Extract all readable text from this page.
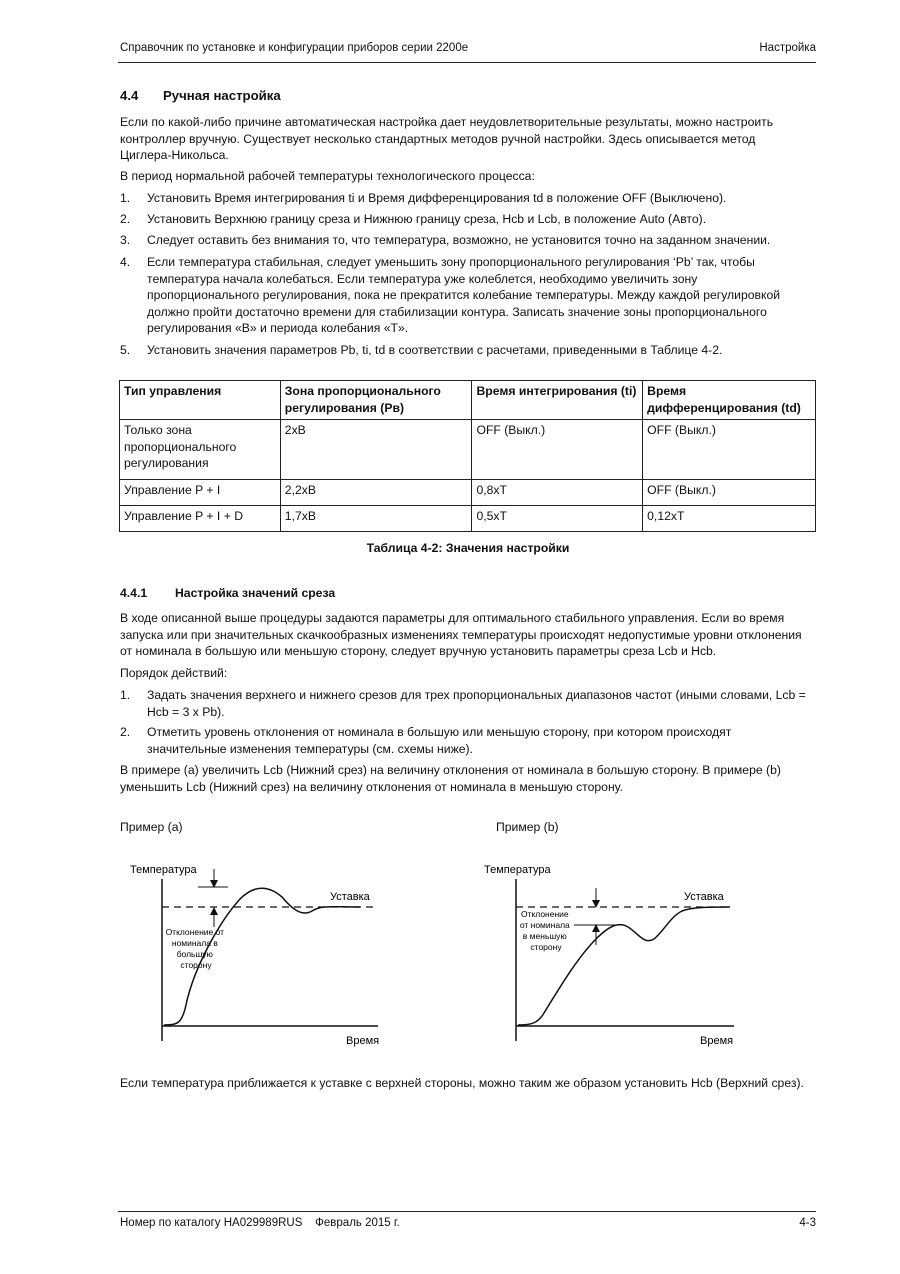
Справочник по установке и конфигурации приборов серии 2200e	Настройка
4.4 Ручная настройка
Если по какой-либо причине автоматическая настройка дает неудовлетворительные результаты, можно настроить контроллер вручную. Существует несколько стандартных методов ручной настройки. Здесь описывается метод Циглера-Никольса.
В период нормальной рабочей температуры технологического процесса:
1. Установить Время интегрирования ti и Время дифференцирования td в положение OFF (Выключено).
2. Установить Верхнюю границу среза и Нижнюю границу среза, Hcb и Lcb, в положение Auto (Авто).
3. Следует оставить без внимания то, что температура, возможно, не установится точно на заданном значении.
4. Если температура стабильная, следует уменьшить зону пропорционального регулирования ‘Pb’ так, чтобы температура начала колебаться. Если температура уже колеблется, необходимо увеличить зону пропорционального регулирования, пока не прекратится колебание температуры. Между каждой регулировкой должно пройти достаточно времени для стабилизации контура. Записать значение зоны пропорционального регулирования «B» и периода колебания «T».
5. Установить значения параметров Pb, ti, td в соответствии с расчетами, приведенными в Таблице 4-2.
Тип управления	Зона пропорционального регулирования (Pв)	Время интегрирования (ti)	Время дифференцирования (td)
Только зона пропорционального регулирования	2xB	OFF (Выкл.)	OFF (Выкл.)
Управление P + I	2,2xB	0,8xT	OFF (Выкл.)
Управление P + I + D	1,7xB	0,5xT	0,12xT
Таблица 4-2: Значения настройки
4.4.1 Настройка значений среза
В ходе описанной выше процедуры задаются параметры для оптимального стабильного управления. Если во время запуска или при значительных скачкообразных изменениях температуры происходят недопустимые уровни отклонения от номинала в большую или меньшую сторону, следует вручную установить параметры среза Lcb и Hcb.
Порядок действий:
1. Задать значения верхнего и нижнего срезов для трех пропорциональных диапазонов частот (иными словами, Lcb = Hcb = 3 x Pb).
2. Отметить уровень отклонения от номинала в большую или меньшую сторону, при котором происходят значительные изменения температуры (см. схемы ниже).
В примере (а) увеличить Lcb (Нижний срез) на величину отклонения от номинала в большую сторону. В примере (b) уменьшить Lcb (Нижний срез) на величину отклонения от номинала в меньшую сторону.
Пример (а)	Пример (b)
Температура
Время
Уставка
Отклонение от номинала в большую сторону
Температура
Время
Уставка
Отклонение от номинала в меньшую сторону
Если температура приближается к уставке с верхней стороны, можно таким же образом установить Hcb (Верхний срез).
Номер по каталогу HA029989RUS    Февраль 2015 г.	4-3
